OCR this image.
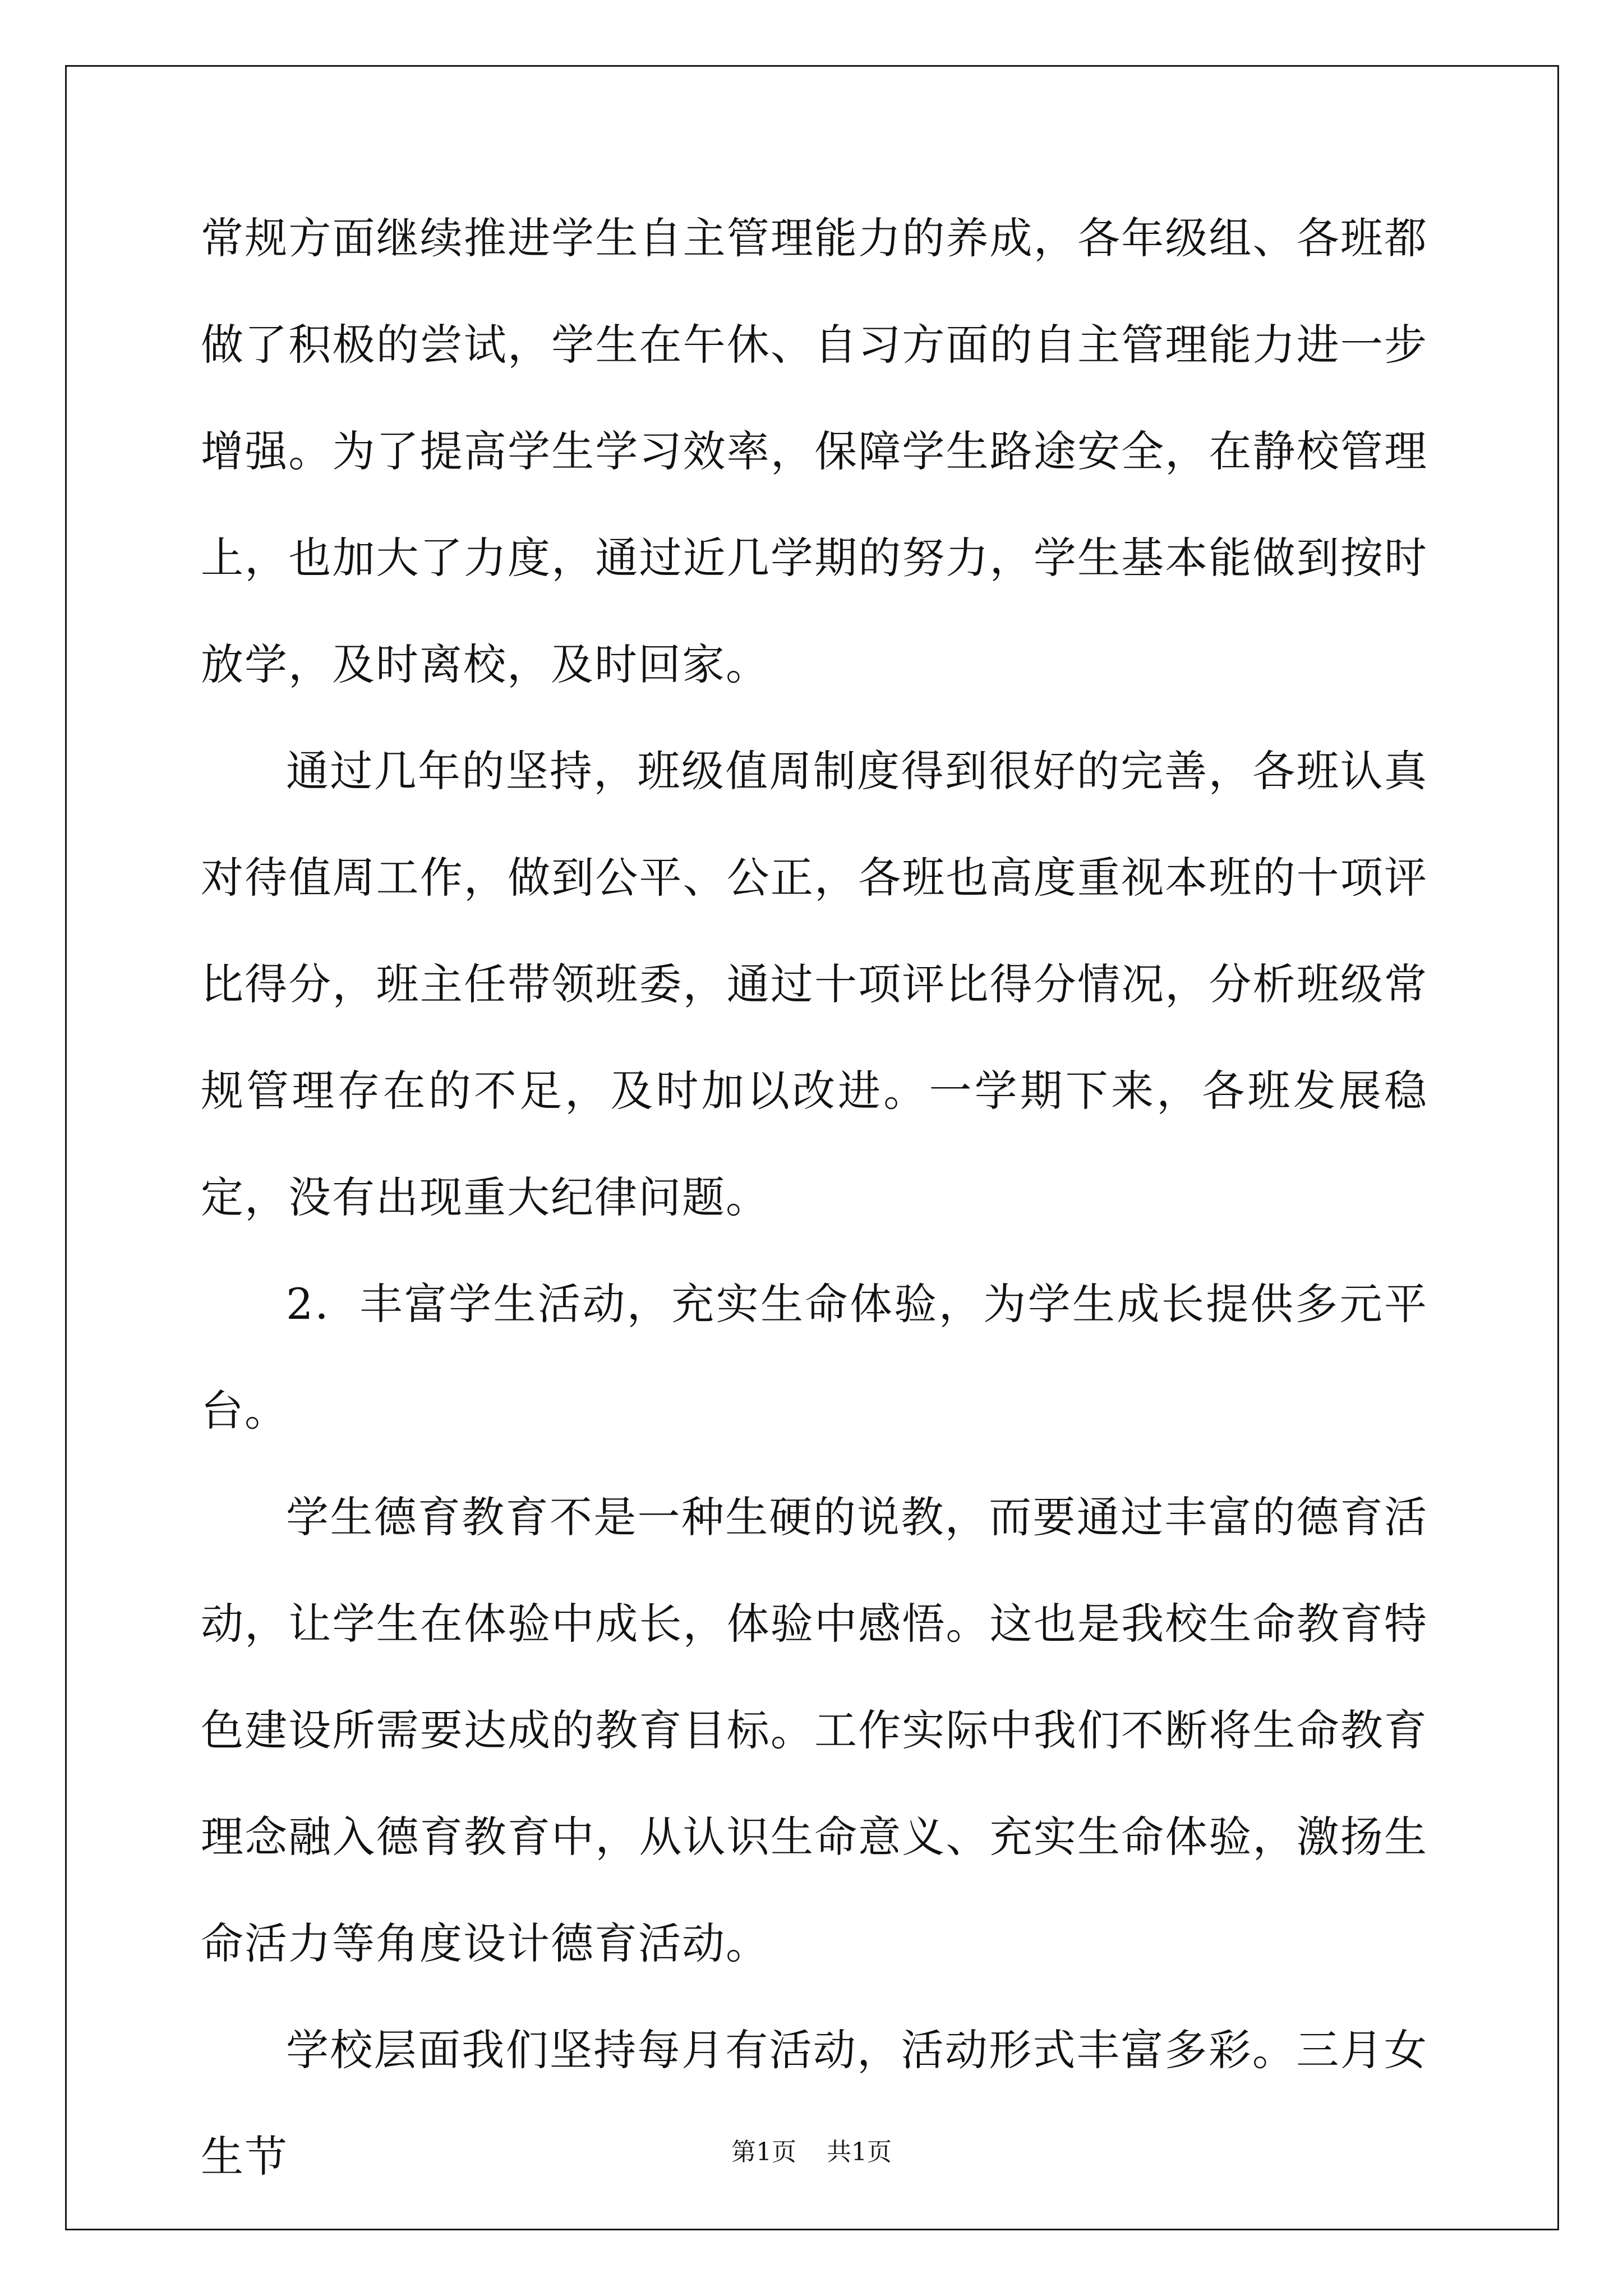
常规方面继续推进学生自主管理能力的养成，各年级组、各班都做了积极的尝试，学生在午休、自习方面的自主管理能力进一步增强。为了提高学生学习效率，保障学生路途安全，在静校管理上，也加大了力度，通过近几学期的努力，学生基本能做到按时放学，及时离校，及时回家。

通过几年的坚持，班级值周制度得到很好的完善，各班认真对待值周工作，做到公平、公正，各班也高度重视本班的十项评比得分，班主任带领班委，通过十项评比得分情况，分析班级常规管理存在的不足，及时加以改进。一学期下来，各班发展稳定，没有出现重大纪律问题。

2．丰富学生活动，充实生命体验，为学生成长提供多元平台。

学生德育教育不是一种生硬的说教，而要通过丰富的德育活动，让学生在体验中成长，体验中感悟。这也是我校生命教育特色建设所需要达成的教育目标。工作实际中我们不断将生命教育理念融入德育教育中，从认识生命意义、充实生命体验，激扬生命活力等角度设计德育活动。

学校层面我们坚持每月有活动，活动形式丰富多彩。三月女生节	第1页 共1页
